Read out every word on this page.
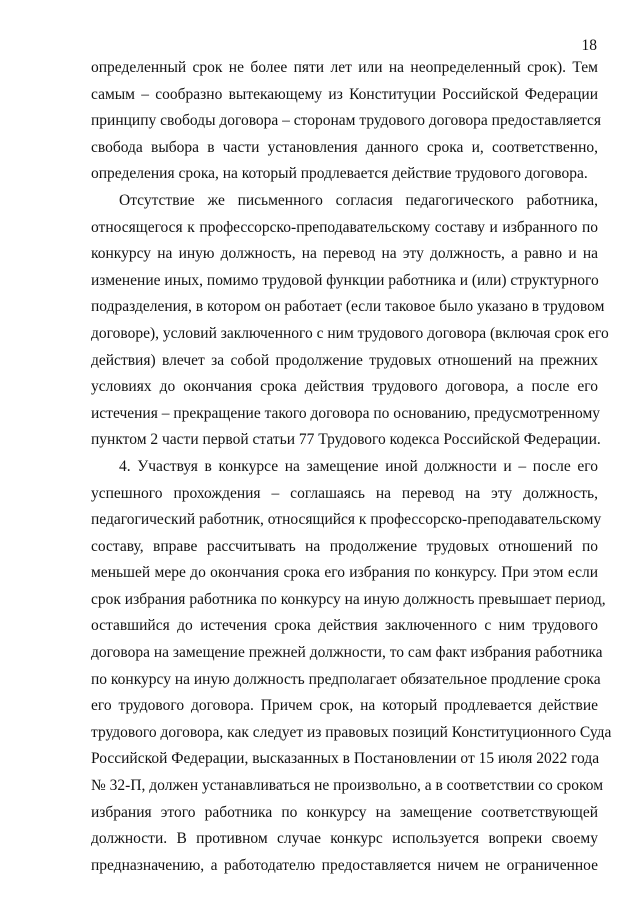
18
определенный срок не более пяти лет или на неопределенный срок). Тем
самым – сообразно вытекающему из Конституции Российской Федерации
принципу свободы договора – сторонам трудового договора предоставляется
свобода выбора в части установления данного срока и, соответственно,
определения срока, на который продлевается действие трудового договора.
Отсутствие же письменного согласия педагогического работника,
относящегося к профессорско-преподавательскому составу и избранного по
конкурсу на иную должность, на перевод на эту должность, а равно и на
изменение иных, помимо трудовой функции работника и (или) структурного
подразделения, в котором он работает (если таковое было указано в трудовом
договоре), условий заключенного с ним трудового договора (включая срок его
действия) влечет за собой продолжение трудовых отношений на прежних
условиях до окончания срока действия трудового договора, а после его
истечения – прекращение такого договора по основанию, предусмотренному
пунктом 2 части первой статьи 77 Трудового кодекса Российской Федерации.
4. Участвуя в конкурсе на замещение иной должности и – после его
успешного прохождения – соглашаясь на перевод на эту должность,
педагогический работник, относящийся к профессорско-преподавательскому
составу, вправе рассчитывать на продолжение трудовых отношений по
меньшей мере до окончания срока его избрания по конкурсу. При этом если
срок избрания работника по конкурсу на иную должность превышает период,
оставшийся до истечения срока действия заключенного с ним трудового
договора на замещение прежней должности, то сам факт избрания работника
по конкурсу на иную должность предполагает обязательное продление срока
его трудового договора. Причем срок, на который продлевается действие
трудового договора, как следует из правовых позиций Конституционного Суда
Российской Федерации, высказанных в Постановлении от 15 июля 2022 года
№ 32-П, должен устанавливаться не произвольно, а в соответствии со сроком
избрания этого работника по конкурсу на замещение соответствующей
должности. В противном случае конкурс используется вопреки своему
предназначению, а работодателю предоставляется ничем не ограниченное
